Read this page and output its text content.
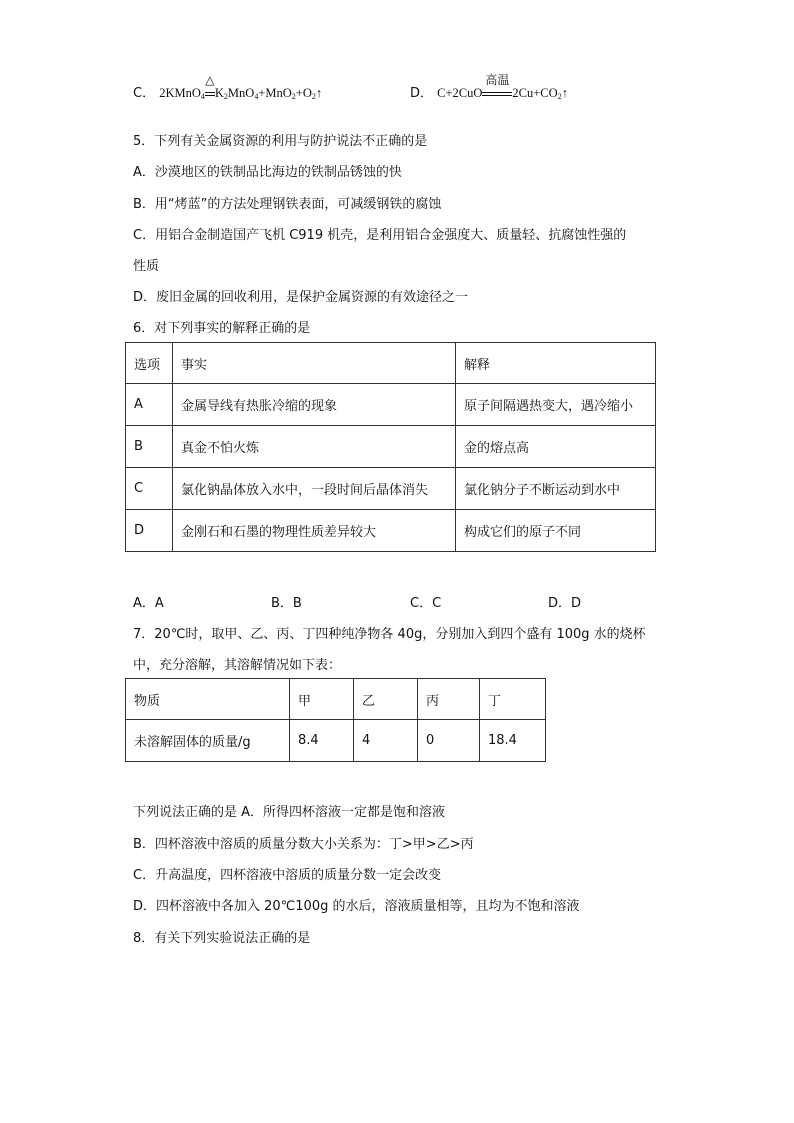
C． 2KMnO$_4$
△
$K_2MnO_4+MnO_2+O_2↑$	D． C+2CuO
高温
$2Cu+CO_2↑$
5．下列有关金属资源的利用与防护说法不正确的是
A．沙漠地区的铁制品比海边的铁制品锈蚀的快
B．用“烤蓝”的方法处理钢铁表面，可减缓钢铁的腐蚀
C．用铝合金制造国产飞机 C919 机壳，是利用铝合金强度大、质量轻、抗腐蚀性强的
性质
D．废旧金属的回收利用，是保护金属资源的有效途径之一
6．对下列事实的解释正确的是
选项	事实	解释
A	金属导线有热胀冷缩的现象	原子间隔遇热变大，遇冷缩小
B	真金不怕火炼	金的熔点高
C	氯化钠晶体放入水中，一段时间后晶体消失	氯化钠分子不断运动到水中
D	金刚石和石墨的物理性质差异较大	构成它们的原子不同
A．A	B．B	C．C	D．D
7．20℃时，取甲、乙、丙、丁四种纯净物各 40g，分别加入到四个盛有 100g 水的烧杯
中，充分溶解，其溶解情况如下表：
物质	甲	乙	丙	丁
未溶解固体的质量/g	8.4	4	0	18.4
下列说法正确的是 A．所得四杯溶液一定都是饱和溶液
B．四杯溶液中溶质的质量分数大小关系为：丁>甲>乙>丙
C．升高温度，四杯溶液中溶质的质量分数一定会改变
D．四杯溶液中各加入 20℃100g 的水后，溶液质量相等，且均为不饱和溶液
8．有关下列实验说法正确的是
